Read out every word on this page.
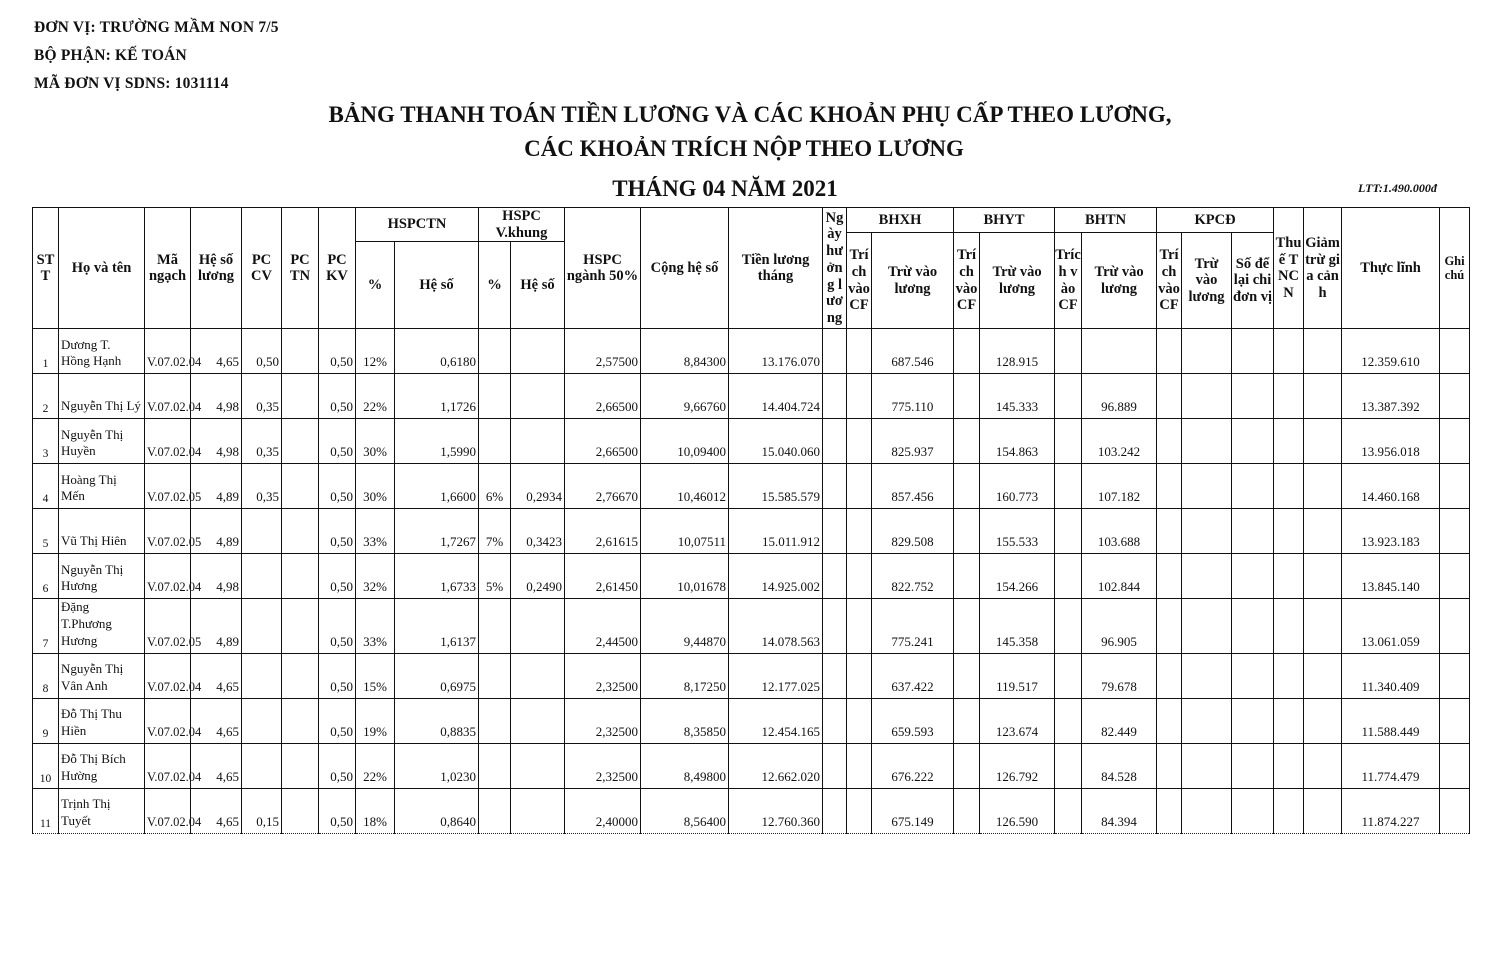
ĐƠN VỊ: TRƯỜNG MẦM NON 7/5
BỘ PHẬN: KẾ TOÁN
MÃ ĐƠN VỊ SDNS: 1031114
BẢNG THANH TOÁN TIỀN LƯƠNG VÀ CÁC KHOẢN PHỤ CẤP THEO LƯƠNG,
CÁC KHOẢN TRÍCH NỘP THEO LƯƠNG
THÁNG 04 NĂM 2021	LTT:1.490.000đ
STT	Họ và tên	Mã ngạch	Hệ số lương	PC CV	PC TN	PC KV	HSPCTN		HSPC V.khung		HSPC ngành 50%	Cộng hệ số	Tiền lương tháng	Ngày hưởng lương	BHXH		BHYT		BHTN		KPCĐ			Thuế TNCN	Giảm trừ gia cảnh	Thực lĩnh	Ghi chú
															Trích vào CF	Trừ vào lương	Trích vào CF	Trừ vào lương	Trích vào CF	Trừ vào lương	Trích vào CF	Trừ vào lương	Số để lại chi đơn vị				
							%	Hệ số	%	Hệ số																	
1	Dương T. Hồng Hạnh	V.07.02.04	4,65	0,50		0,50	12%	0,6180			2,57500	8,84300	13.176.070			687.546		128.915								12.359.610	
2	Nguyễn Thị Lý	V.07.02.04	4,98	0,35		0,50	22%	1,1726			2,66500	9,66760	14.404.724			775.110		145.333		96.889						13.387.392	
3	Nguyễn Thị Huyền	V.07.02.04	4,98	0,35		0,50	30%	1,5990			2,66500	10,09400	15.040.060			825.937		154.863		103.242						13.956.018	
4	Hoàng Thị Mến	V.07.02.05	4,89	0,35		0,50	30%	1,6600	6%	0,2934	2,76670	10,46012	15.585.579			857.456		160.773		107.182						14.460.168	
5	Vũ Thị Hiên	V.07.02.05	4,89			0,50	33%	1,7267	7%	0,3423	2,61615	10,07511	15.011.912			829.508		155.533		103.688						13.923.183	
6	Nguyễn Thị Hương	V.07.02.04	4,98			0,50	32%	1,6733	5%	0,2490	2,61450	10,01678	14.925.002			822.752		154.266		102.844						13.845.140	
7	Đặng T.Phương Hương	V.07.02.05	4,89			0,50	33%	1,6137			2,44500	9,44870	14.078.563			775.241		145.358		96.905						13.061.059	
8	Nguyễn Thị Vân Anh	V.07.02.04	4,65			0,50	15%	0,6975			2,32500	8,17250	12.177.025			637.422		119.517		79.678						11.340.409	
9	Đỗ Thị Thu Hiền	V.07.02.04	4,65			0,50	19%	0,8835			2,32500	8,35850	12.454.165			659.593		123.674		82.449						11.588.449	
10	Đỗ Thị Bích Hường	V.07.02.04	4,65			0,50	22%	1,0230			2,32500	8,49800	12.662.020			676.222		126.792		84.528						11.774.479	
11	Trịnh Thị Tuyết	V.07.02.04	4,65	0,15		0,50	18%	0,8640			2,40000	8,56400	12.760.360			675.149		126.590		84.394						11.874.227	
